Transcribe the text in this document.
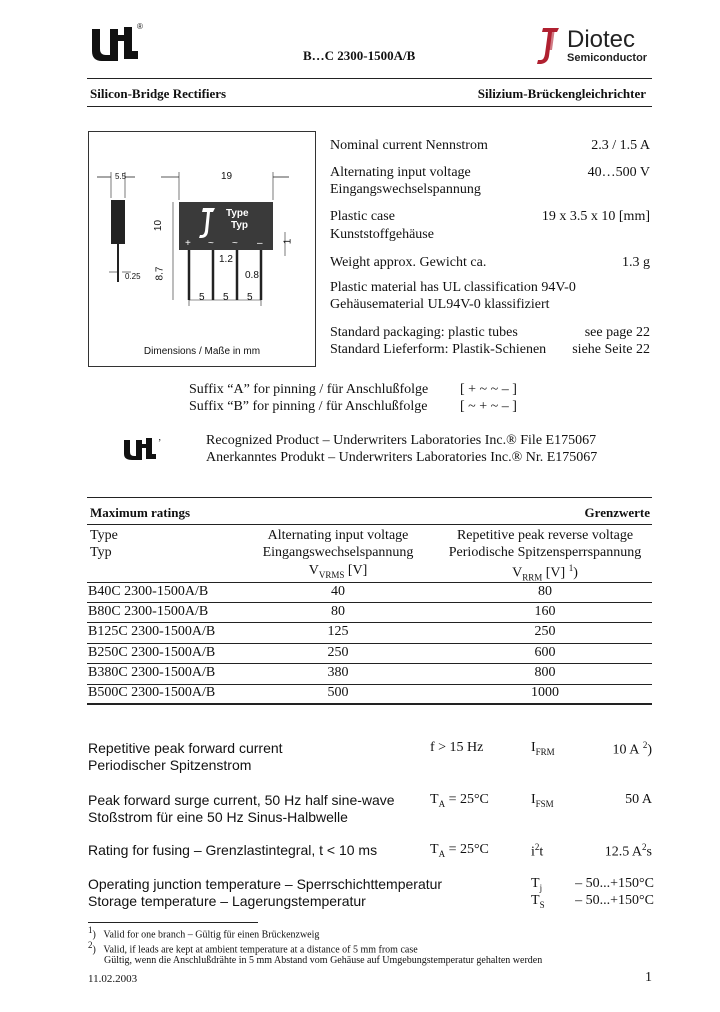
®
B…C 2300-1500A/B
Diotec
Semiconductor
Silicon-Bridge Rectifiers	Silizium-Brückengleichrichter
+ ~ ~ –
5.5	19
10
8.7
1.2
0.8
0.25
5 5 5
1
Type
Typ
Dimensions / Maße in mm
Nominal current Nennstrom	2.3 / 1.5 A
Alternating input voltage
Eingangswechselspannung
40…500 V
Plastic case
Kunststoffgehäuse
19 x 3.5 x 10 [mm]
Weight approx. Gewicht ca.	1.3 g
Plastic material has UL classification 94V-0
Gehäusematerial UL94V-0 klassifiziert
Standard packaging: plastic tubes	see page 22
Standard Lieferform: Plastik-Schienen siehe Seite 22
Suffix “A” for pinning / für Anschlußfolge [ + ~ ~ – ]
Suffix “B” for pinning / für Anschlußfolge [ ~ + ~ – ]
’	Recognized Product – Underwriters Laboratories Inc.® File E175067
Anerkanntes Produkt – Underwriters Laboratories Inc.® Nr. E175067
Maximum ratings	Grenzwerte
Type
Typ
Alternating input voltage
Eingangswechselspannung
$V_{VRMS}$ [V]
Repetitive peak reverse voltage
Periodische Spitzensperrspannung
$V_{RRM}$ [V] $^1$)
B40C 2300-1500A/B	40	80
B80C 2300-1500A/B	80	160
B125C 2300-1500A/B	125	250
B250C 2300-1500A/B	250	600
B380C 2300-1500A/B	380	800
B500C 2300-1500A/B	500	1000
Repetitive peak forward current
Periodischer Spitzenstrom
f > 15 Hz	$I_{FRM}$	10 A $^2$)
Peak forward surge current, 50 Hz half sine-wave
Stoßstrom für eine 50 Hz Sinus-Halbwelle
$T_A = 25^\circ C$	$I_{FSM}$	50 A
Rating for fusing – Grenzlastintegral, t < 10 ms	$T_A = 25^\circ C$	$i^2t$	12.5 $A^2s$
Operating junction temperature – Sperrschichttemperatur	$T_j - 50...+150^\circ C$
Storage temperature – Lagerungstemperatur	$T_S - 50...+150^\circ C$
$^1$)   Valid for one branch – Gültig für einen Brückenzweig
$^2$)   Valid, if leads are kept at ambient temperature at a distance of 5 mm from case
Gültig, wenn die Anschlußdrähte in 5 mm Abstand vom Gehäuse auf Umgebungstemperatur gehalten werden
11.02.2003	1
